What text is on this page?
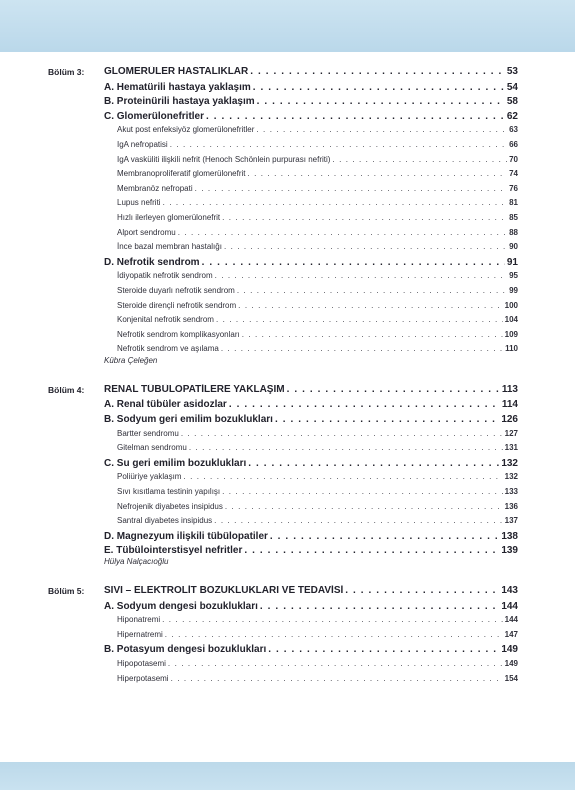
Bölüm 3: GLOMERÜLER HASTALIKLAR . . .	53
A. Hematürili hastaya yaklaşım . . .	54
B. Proteinürili hastaya yaklaşım . . .	58
C. Glomerülonefritler . . .	62
Akut post enfeksiyöz glomerülonefritler . . .	63
IgA nefropatisi . . .	66
IgA vasküliti ilişkili nefrit (Henoch Schönlein purpurası nefriti) . . .	70
Membranoproliferatif glomerülonefrit . . .	74
Membranöz nefropati . . .	76
Lupus nefriti . . .	81
Hızlı ilerleyen glomerülonefrit . . .	85
Alport sendromu . . .	88
İnce bazal membran hastalığı . . .	90
D. Nefrotik sendrom . . .	91
İdiyopatik nefrotik sendrom . . .	95
Steroide duyarlı nefrotik sendrom . . .	99
Steroide dirençli nefrotik sendrom . . .	100
Konjenital nefrotik sendrom . . .	104
Nefrotik sendrom komplikasyonları . . .	109
Nefrotik sendrom ve aşılama . . .	110
Kübra Çeleğen
Bölüm 4: RENAL TÜBÜLOPATİLERE YAKLAŞIM . . .	113
A. Renal tübüler asidozlar . . .	114
B. Sodyum geri emilim bozuklukları . . .	126
Bartter sendromu . . .	127
Gitelman sendromu . . .	131
C. Su geri emilim bozuklukları . . .	132
Poliüriye yaklaşım . . .	132
Sıvı kısıtlama testinin yapılışı . . .	133
Nefrojenik diyabetes insipidus . . .	136
Santral diyabetes insipidus . . .	137
D. Magnezyum ilişkili tübülopatiler . . .	138
E. Tübülointerstisyel nefritler . . .	139
Hülya Nalçacıoğlu
Bölüm 5: SIVI – ELEKTROLİT BOZUKLUKLARI VE TEDAVİSİ . . .	143
A. Sodyum dengesi bozuklukları . . .	144
Hiponatremi . . .	144
Hipernatremi . . .	147
B. Potasyum dengesi bozuklukları . . .	149
Hipopotasemi . . .	149
Hiperpotasemi . . .	154
